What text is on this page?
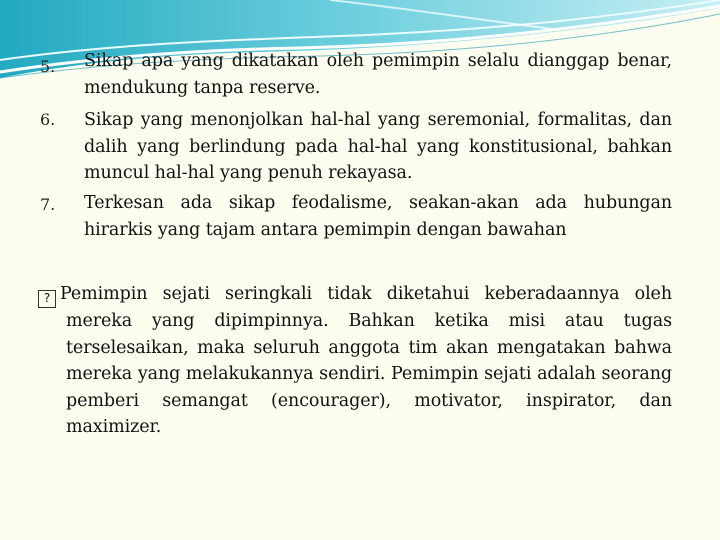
5.	Sikap apa yang dikatakan oleh pemimpin selalu dianggap benar, mendukung tanpa reserve.
6.	Sikap yang menonjolkan hal-hal yang seremonial, formalitas, dan dalih yang berlindung pada hal-hal yang konstitusional, bahkan muncul hal-hal yang penuh rekayasa.
7.	Terkesan ada sikap feodalisme, seakan-akan ada hubungan hirarkis yang tajam antara pemimpin dengan bawahan
? Pemimpin sejati seringkali tidak diketahui keberadaannya oleh mereka yang dipimpinnya. Bahkan ketika misi atau tugas terselesaikan, maka seluruh anggota tim akan mengatakan bahwa mereka yang melakukannya sendiri. Pemimpin sejati adalah seorang pemberi semangat (encourager), motivator, inspirator, dan maximizer.
